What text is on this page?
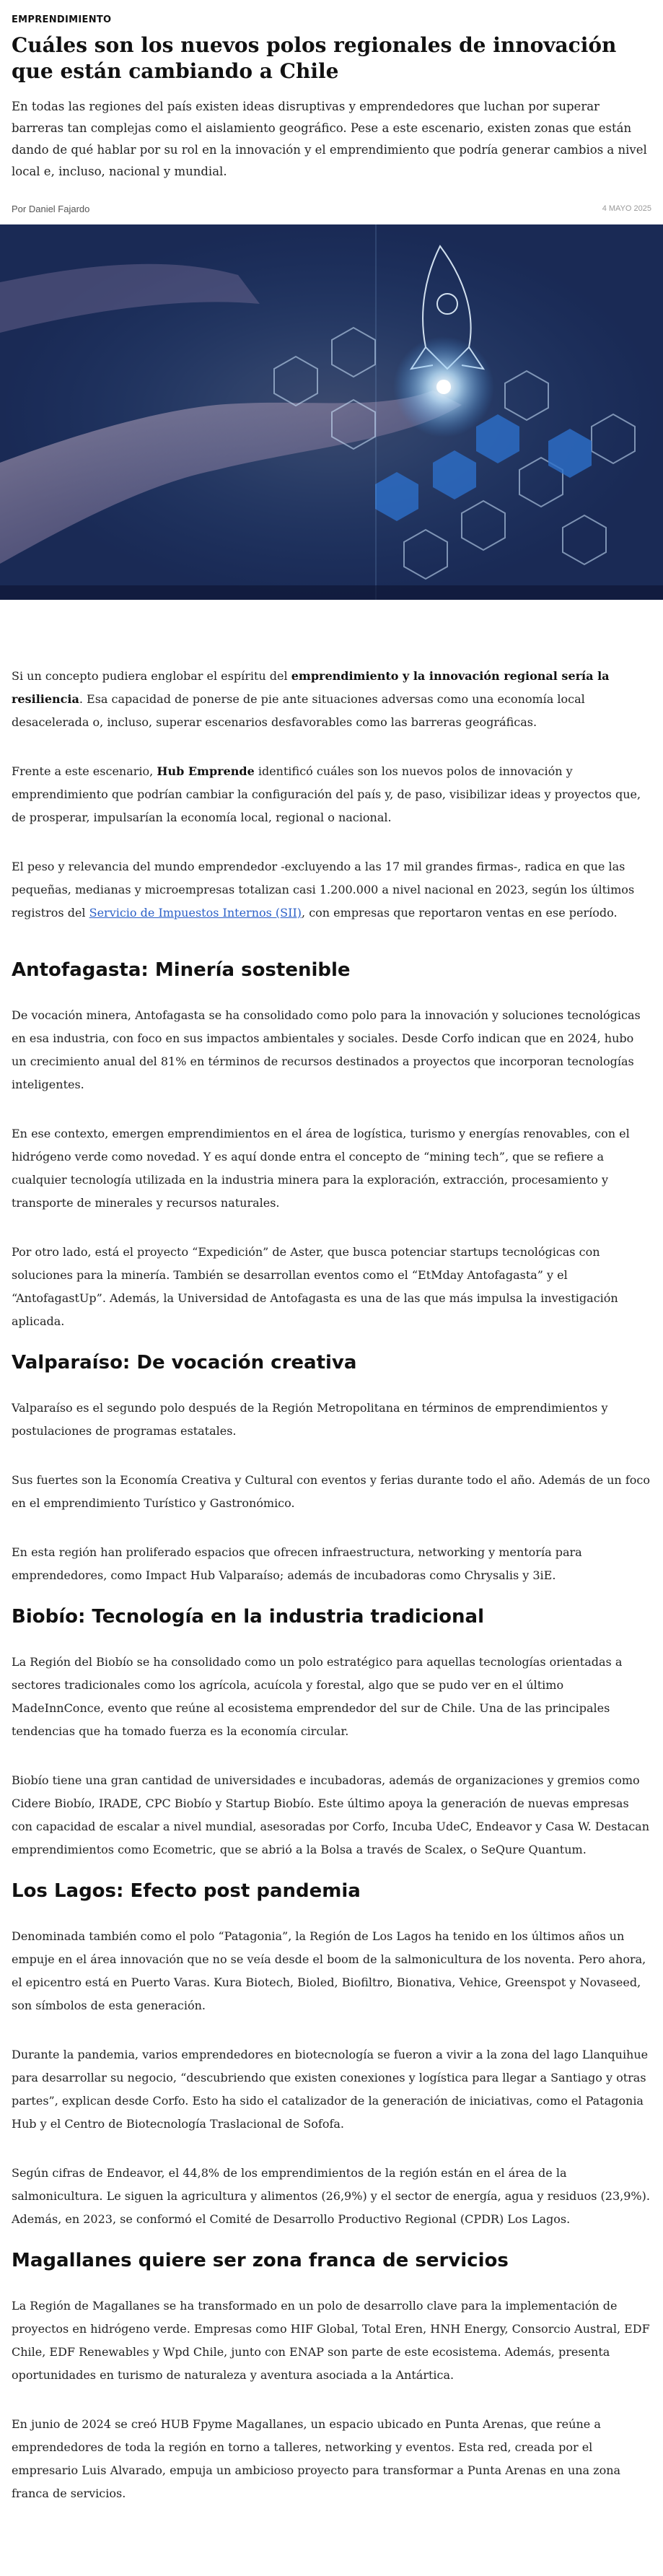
EMPRENDIMIENTO
Cuáles son los nuevos polos regionales de innovación que están cambiando a Chile

En todas las regiones del país existen ideas disruptivas y emprendedores que luchan por superar barreras tan complejas como el aislamiento geográfico. Pese a este escenario, existen zonas que están dando de qué hablar por su rol en la innovación y el emprendimiento que podría generar cambios a nivel local e, incluso, nacional y mundial.

Por Daniel Fajardo	4 MAYO 2025

Si un concepto pudiera englobar el espíritu del emprendimiento y la innovación regional sería la resiliencia. Esa capacidad de ponerse de pie ante situaciones adversas como una economía local desacelerada o, incluso, superar escenarios desfavorables como las barreras geográficas.

Frente a este escenario, Hub Emprende identificó cuáles son los nuevos polos de innovación y emprendimiento que podrían cambiar la configuración del país y, de paso, visibilizar ideas y proyectos que, de prosperar, impulsarían la economía local, regional o nacional.

El peso y relevancia del mundo emprendedor -excluyendo a las 17 mil grandes firmas-, radica en que las pequeñas, medianas y microempresas totalizan casi 1.200.000 a nivel nacional en 2023, según los últimos registros del Servicio de Impuestos Internos (SII), con empresas que reportaron ventas en ese período.

Antofagasta: Minería sostenible

De vocación minera, Antofagasta se ha consolidado como polo para la innovación y soluciones tecnológicas en esa industria, con foco en sus impactos ambientales y sociales. Desde Corfo indican que en 2024, hubo un crecimiento anual del 81% en términos de recursos destinados a proyectos que incorporan tecnologías inteligentes.

En ese contexto, emergen emprendimientos en el área de logística, turismo y energías renovables, con el hidrógeno verde como novedad. Y es aquí donde entra el concepto de “mining tech”, que se refiere a cualquier tecnología utilizada en la industria minera para la exploración, extracción, procesamiento y transporte de minerales y recursos naturales.

Por otro lado, está el proyecto “Expedición” de Aster, que busca potenciar startups tecnológicas con soluciones para la minería. También se desarrollan eventos como el “EtMday Antofagasta” y el “AntofagastUp”. Además, la Universidad de Antofagasta es una de las que más impulsa la investigación aplicada.

Valparaíso: De vocación creativa

Valparaíso es el segundo polo después de la Región Metropolitana en términos de emprendimientos y postulaciones de programas estatales.

Sus fuertes son la Economía Creativa y Cultural con eventos y ferias durante todo el año. Además de un foco en el emprendimiento Turístico y Gastronómico.

En esta región han proliferado espacios que ofrecen infraestructura, networking y mentoría para emprendedores, como Impact Hub Valparaíso; además de incubadoras como Chrysalis y 3iE.

Biobío: Tecnología en la industria tradicional

La Región del Biobío se ha consolidado como un polo estratégico para aquellas tecnologías orientadas a sectores tradicionales como los agrícola, acuícola y forestal, algo que se pudo ver en el último MadeInnConce, evento que reúne al ecosistema emprendedor del sur de Chile. Una de las principales tendencias que ha tomado fuerza es la economía circular.

Biobío tiene una gran cantidad de universidades e incubadoras, además de organizaciones y gremios como Cidere Biobío, IRADE, CPC Biobío y Startup Biobío. Este último apoya la generación de nuevas empresas con capacidad de escalar a nivel mundial, asesoradas por Corfo, Incuba UdeC, Endeavor y Casa W. Destacan emprendimientos como Ecometric, que se abrió a la Bolsa a través de Scalex, o SeQure Quantum.

Los Lagos: Efecto post pandemia

Denominada también como el polo “Patagonia”, la Región de Los Lagos ha tenido en los últimos años un empuje en el área innovación que no se veía desde el boom de la salmonicultura de los noventa. Pero ahora, el epicentro está en Puerto Varas. Kura Biotech, Bioled, Biofiltro, Bionativa, Vehice, Greenspot y Novaseed, son símbolos de esta generación.

Durante la pandemia, varios emprendedores en biotecnología se fueron a vivir a la zona del lago Llanquihue para desarrollar su negocio, “descubriendo que existen conexiones y logística para llegar a Santiago y otras partes”, explican desde Corfo. Esto ha sido el catalizador de la generación de iniciativas, como el Patagonia Hub y el Centro de Biotecnología Traslacional de Sofofa.

Según cifras de Endeavor, el 44,8% de los emprendimientos de la región están en el área de la salmonicultura. Le siguen la agricultura y alimentos (26,9%) y el sector de energía, agua y residuos (23,9%). Además, en 2023, se conformó el Comité de Desarrollo Productivo Regional (CPDR) Los Lagos.

Magallanes quiere ser zona franca de servicios

La Región de Magallanes se ha transformado en un polo de desarrollo clave para la implementación de proyectos en hidrógeno verde. Empresas como HIF Global, Total Eren, HNH Energy, Consorcio Austral, EDF Chile, EDF Renewables y Wpd Chile, junto con ENAP son parte de este ecosistema. Además, presenta oportunidades en turismo de naturaleza y aventura asociada a la Antártica.

En junio de 2024 se creó HUB Fpyme Magallanes, un espacio ubicado en Punta Arenas, que reúne a emprendedores de toda la región en torno a talleres, networking y eventos. Esta red, creada por el empresario Luis Alvarado, empuja un ambicioso proyecto para transformar a Punta Arenas en una zona franca de servicios.
